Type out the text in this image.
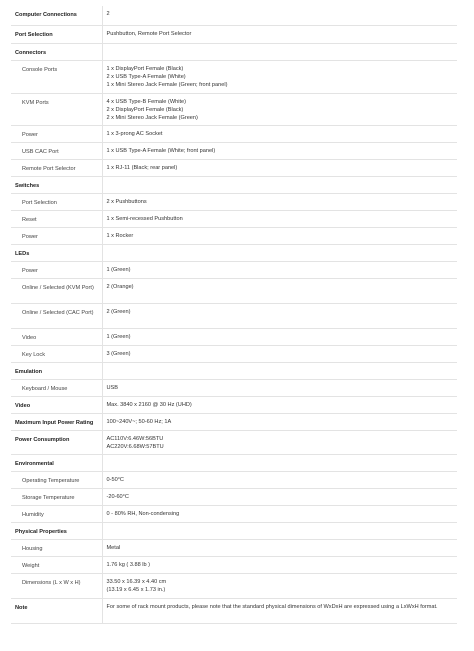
Computer Connections	2

Port Selection	Pushbutton, Remote Port Selector

Connectors	
Console Ports	1 x DisplayPort Female (Black)
2 x USB Type-A Female (White)
1 x Mini Stereo Jack Female (Green; front panel)

KVM Ports	4 x USB Type-B Female (White)
2 x DisplayPort Female (Black)
2 x Mini Stereo Jack Female (Green)

Power	1 x 3-prong AC Socket

USB CAC Port	1 x USB Type-A Female (White; front panel)

Remote Port Selector	1 x RJ-11 (Black; rear panel)

Switches	
Port Selection	2 x Pushbuttons

Reset	1 x Semi-recessed Pushbutton

Power	1 x Rocker

LEDs	
Power	1 (Green)

Online / Selected (KVM Port)	2 (Orange)

Online / Selected (CAC Port)	2 (Green)

Video	1 (Green)

Key Lock	3 (Green)

Emulation	
Keyboard / Mouse	USB

Video	Max. 3840 x 2160 @ 30 Hz (UHD)

Maximum Input Power Rating	100~240V~; 50-60 Hz; 1A

Power Consumption	AC110V:6.46W:56BTU
AC220V:6.68W:57BTU

Environmental	
Operating Temperature	0-50°C

Storage Temperature	-20-60°C

Humidity	0 - 80% RH, Non-condensing

Physical Properties	
Housing	Metal

Weight	1.76 kg ( 3.88 lb )

Dimensions (L x W x H)	33.50 x 16.39 x 4.40 cm
(13.19 x 6.45 x 1.73 in.)

Note	For some of rack mount products, please note that the standard physical dimensions of WxDxH are expressed using a LxWxH format.
